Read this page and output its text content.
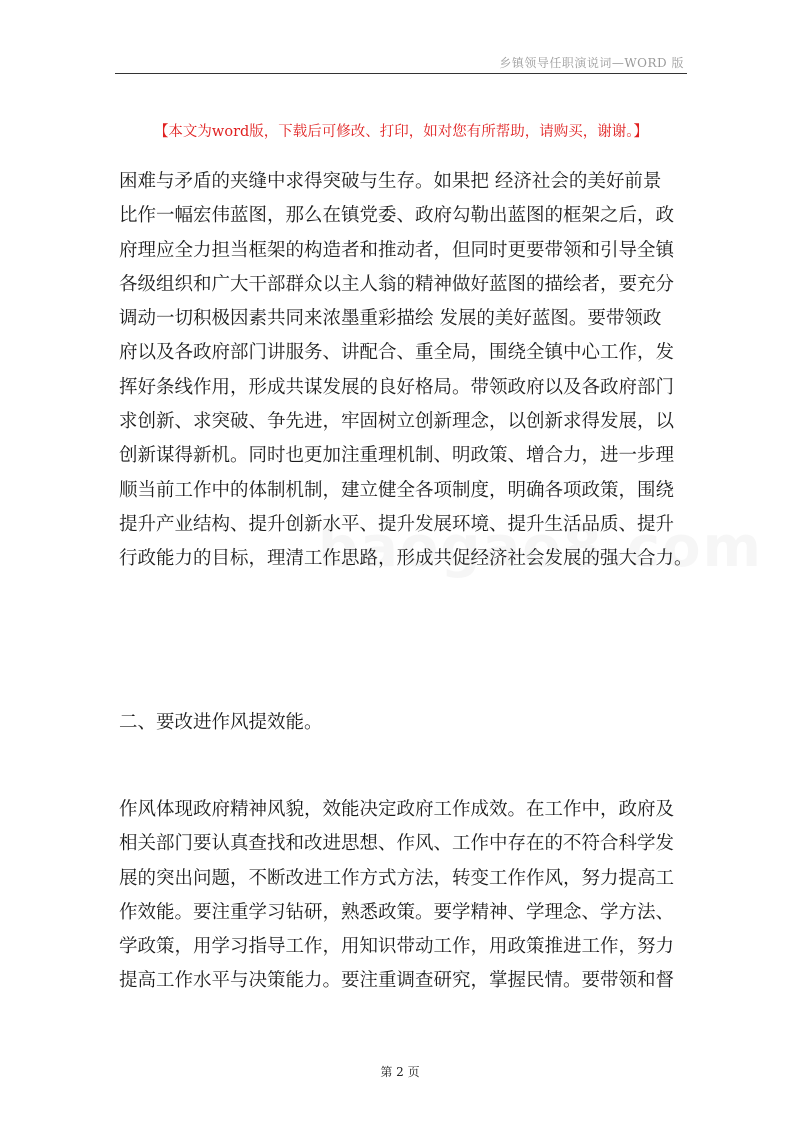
乡镇领导任职演说词—WORD 版
【本文为word版，下载后可修改、打印，如对您有所帮助，请购买，谢谢。】
困难与矛盾的夹缝中求得突破与生存。如果把 经济社会的美好前景
比作一幅宏伟蓝图，那么在镇党委、政府勾勒出蓝图的框架之后，政
府理应全力担当框架的构造者和推动者，但同时更要带领和引导全镇
各级组织和广大干部群众以主人翁的精神做好蓝图的描绘者，要充分
调动一切积极因素共同来浓墨重彩描绘 发展的美好蓝图。要带领政
府以及各政府部门讲服务、讲配合、重全局，围绕全镇中心工作，发
挥好条线作用，形成共谋发展的良好格局。带领政府以及各政府部门
求创新、求突破、争先进，牢固树立创新理念，以创新求得发展，以
创新谋得新机。同时也更加注重理机制、明政策、增合力，进一步理
顺当前工作中的体制机制，建立健全各项制度，明确各项政策，围绕
提升产业结构、提升创新水平、提升发展环境、提升生活品质、提升
行政能力的目标，理清工作思路，形成共促经济社会发展的强大合力。
二、要改进作风提效能。
作风体现政府精神风貌，效能决定政府工作成效。在工作中，政府及
相关部门要认真查找和改进思想、作风、工作中存在的不符合科学发
展的突出问题，不断改进工作方式方法，转变工作作风，努力提高工
作效能。要注重学习钻研，熟悉政策。要学精神、学理念、学方法、
学政策，用学习指导工作，用知识带动工作，用政策推进工作，努力
提高工作水平与决策能力。要注重调查研究，掌握民情。要带领和督
第 2 页
